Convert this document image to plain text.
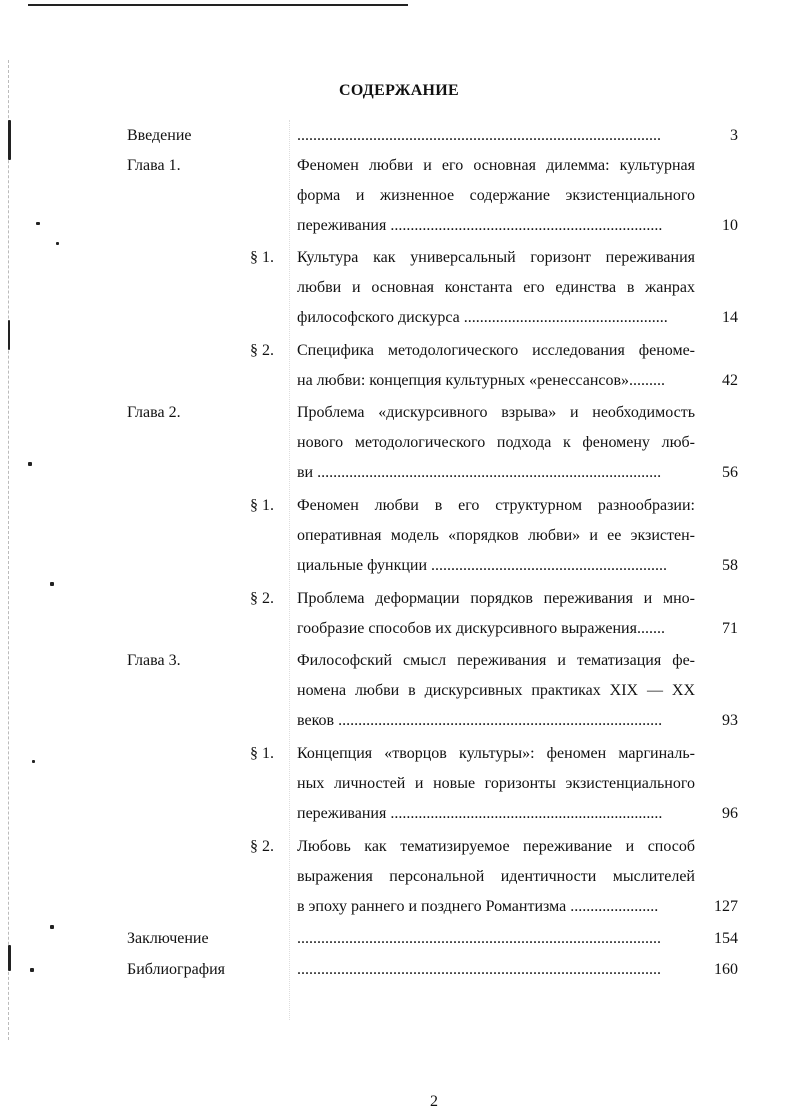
СОДЕРЖАНИЕ
Введение	...........................................................................................	3
Глава 1.	Феномен любви и его основная дилемма: культурная
форма и жизненное содержание экзистенциального
переживания ....................................................................	10
§ 1. Культура как универсальный горизонт переживания
любви и основная константа его единства в жанрах
философского дискурса ...................................................	14
§ 2. Специфика методологического исследования феноме-
на любви: концепция культурных «ренессансов».........	42
Глава 2.	Проблема «дискурсивного взрыва» и необходимость
нового методологического подхода к феномену люб-
ви ......................................................................................	56
§ 1. Феномен любви в его структурном разнообразии:
оперативная модель «порядков любви» и ее экзистен-
циальные функции ...........................................................	58
§ 2. Проблема деформации порядков переживания и мно-
гообразие способов их дискурсивного выражения.......	71
Глава 3.	Философский смысл переживания и тематизация фе-
номена любви в дискурсивных практиках XIX — XX
веков .................................................................................	93
§ 1. Концепция «творцов культуры»: феномен маргиналь-
ных личностей и новые горизонты экзистенциального
переживания ....................................................................	96
§ 2. Любовь как тематизируемое переживание и способ
выражения персональной идентичности мыслителей
в эпоху раннего и позднего Романтизма ......................	127
Заключение	...........................................................................................	154
Библиография	...........................................................................................	160
2
